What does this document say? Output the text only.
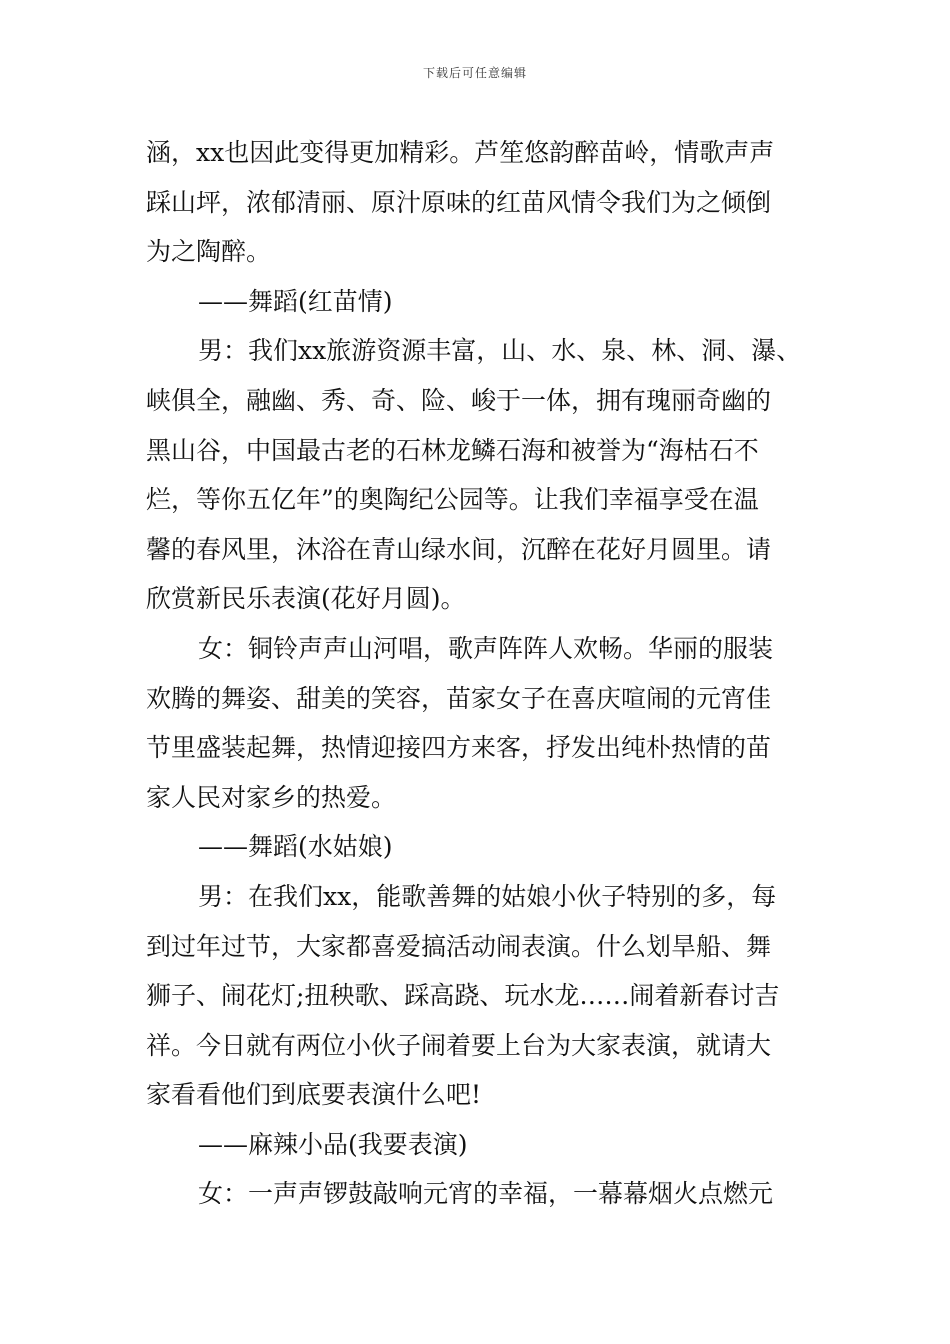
下载后可任意编辑
涵，xx也因此变得更加精彩。芦笙悠韵醉苗岭，情歌声声
踩山坪，浓郁清丽、原汁原味的红苗风情令我们为之倾倒
为之陶醉。
——舞蹈(红苗情)
男：我们xx旅游资源丰富，山、水、泉、林、洞、瀑、
峡俱全，融幽、秀、奇、险、峻于一体，拥有瑰丽奇幽的
黑山谷，中国最古老的石林龙鳞石海和被誉为“海枯石不
烂，等你五亿年”的奥陶纪公园等。让我们幸福享受在温
馨的春风里，沐浴在青山绿水间，沉醉在花好月圆里。请
欣赏新民乐表演(花好月圆)。
女：铜铃声声山河唱，歌声阵阵人欢畅。华丽的服装
欢腾的舞姿、甜美的笑容，苗家女子在喜庆喧闹的元宵佳
节里盛装起舞，热情迎接四方来客，抒发出纯朴热情的苗
家人民对家乡的热爱。
——舞蹈(水姑娘)
男：在我们xx，能歌善舞的姑娘小伙子特别的多，每
到过年过节，大家都喜爱搞活动闹表演。什么划旱船、舞
狮子、闹花灯;扭秧歌、踩高跷、玩水龙……闹着新春讨吉
祥。今日就有两位小伙子闹着要上台为大家表演，就请大
家看看他们到底要表演什么吧!
——麻辣小品(我要表演)
女：一声声锣鼓敲响元宵的幸福，一幕幕烟火点燃元
